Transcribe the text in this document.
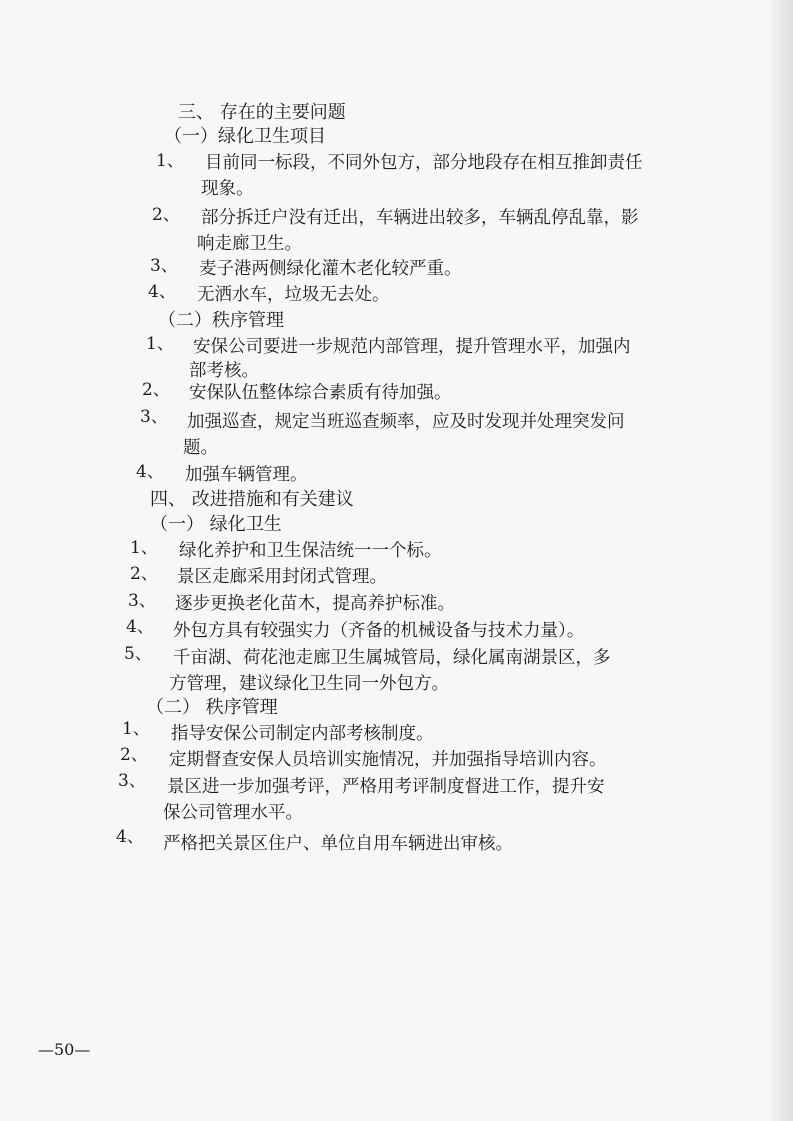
三、 存在的主要问题
（一）绿化卫生项目
1、 目前同一标段，不同外包方，部分地段存在相互推卸责任
现象。
2、 部分拆迁户没有迁出，车辆进出较多，车辆乱停乱靠，影
响走廊卫生。
3、 麦子港两侧绿化灌木老化较严重。
4、 无洒水车，垃圾无去处。
（二）秩序管理
1、 安保公司要进一步规范内部管理，提升管理水平，加强内
部考核。
2、 安保队伍整体综合素质有待加强。
3、 加强巡查，规定当班巡查频率，应及时发现并处理突发问
题。
4、 加强车辆管理。
四、 改进措施和有关建议
（一） 绿化卫生
1、 绿化养护和卫生保洁统一一个标。
2、 景区走廊采用封闭式管理。
3、 逐步更换老化苗木，提高养护标准。
4、 外包方具有较强实力（齐备的机械设备与技术力量）。
5、 千亩湖、荷花池走廊卫生属城管局，绿化属南湖景区，多
方管理，建议绿化卫生同一外包方。
（二） 秩序管理
1、 指导安保公司制定内部考核制度。
2、 定期督查安保人员培训实施情况，并加强指导培训内容。
3、 景区进一步加强考评，严格用考评制度督进工作，提升安
保公司管理水平。
4、 严格把关景区住户、单位自用车辆进出审核。
—50—
